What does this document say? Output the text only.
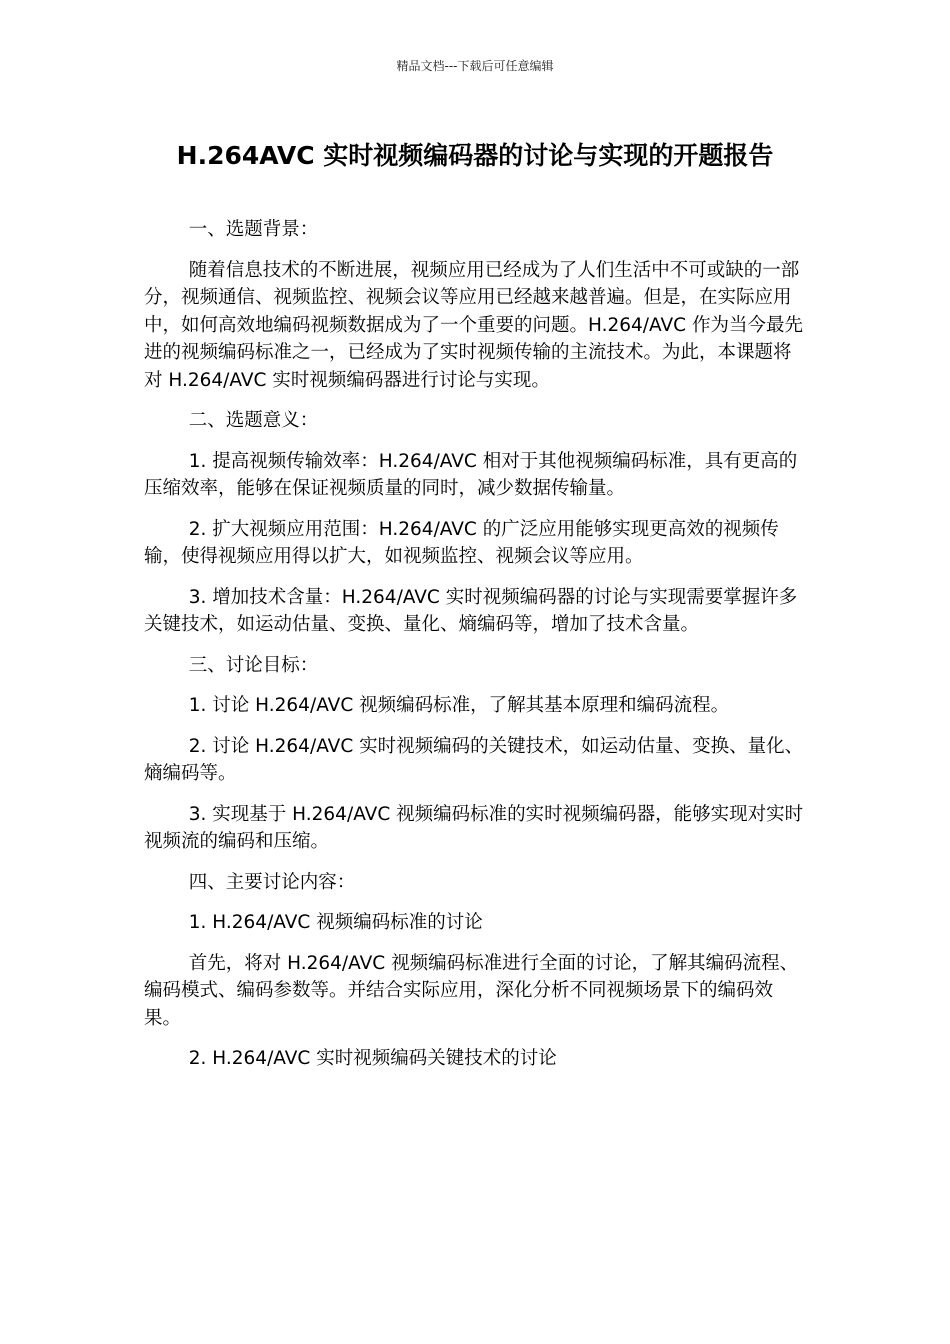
精品文档---下载后可任意编辑
H.264AVC 实时视频编码器的讨论与实现的开题报告

一、选题背景：

随着信息技术的不断进展，视频应用已经成为了人们生活中不可或缺的一部分，视频通信、视频监控、视频会议等应用已经越来越普遍。但是，在实际应用中，如何高效地编码视频数据成为了一个重要的问题。H.264/AVC 作为当今最先进的视频编码标准之一，已经成为了实时视频传输的主流技术。为此，本课题将对 H.264/AVC 实时视频编码器进行讨论与实现。

二、选题意义：

1. 提高视频传输效率：H.264/AVC 相对于其他视频编码标准，具有更高的压缩效率，能够在保证视频质量的同时，减少数据传输量。

2. 扩大视频应用范围：H.264/AVC 的广泛应用能够实现更高效的视频传输，使得视频应用得以扩大，如视频监控、视频会议等应用。

3. 增加技术含量：H.264/AVC 实时视频编码器的讨论与实现需要掌握许多关键技术，如运动估量、变换、量化、熵编码等，增加了技术含量。

三、讨论目标：

1. 讨论 H.264/AVC 视频编码标准，了解其基本原理和编码流程。

2. 讨论 H.264/AVC 实时视频编码的关键技术，如运动估量、变换、量化、熵编码等。

3. 实现基于 H.264/AVC 视频编码标准的实时视频编码器，能够实现对实时视频流的编码和压缩。

四、主要讨论内容：

1. H.264/AVC 视频编码标准的讨论

首先，将对 H.264/AVC 视频编码标准进行全面的讨论，了解其编码流程、编码模式、编码参数等。并结合实际应用，深化分析不同视频场景下的编码效果。

2. H.264/AVC 实时视频编码关键技术的讨论
